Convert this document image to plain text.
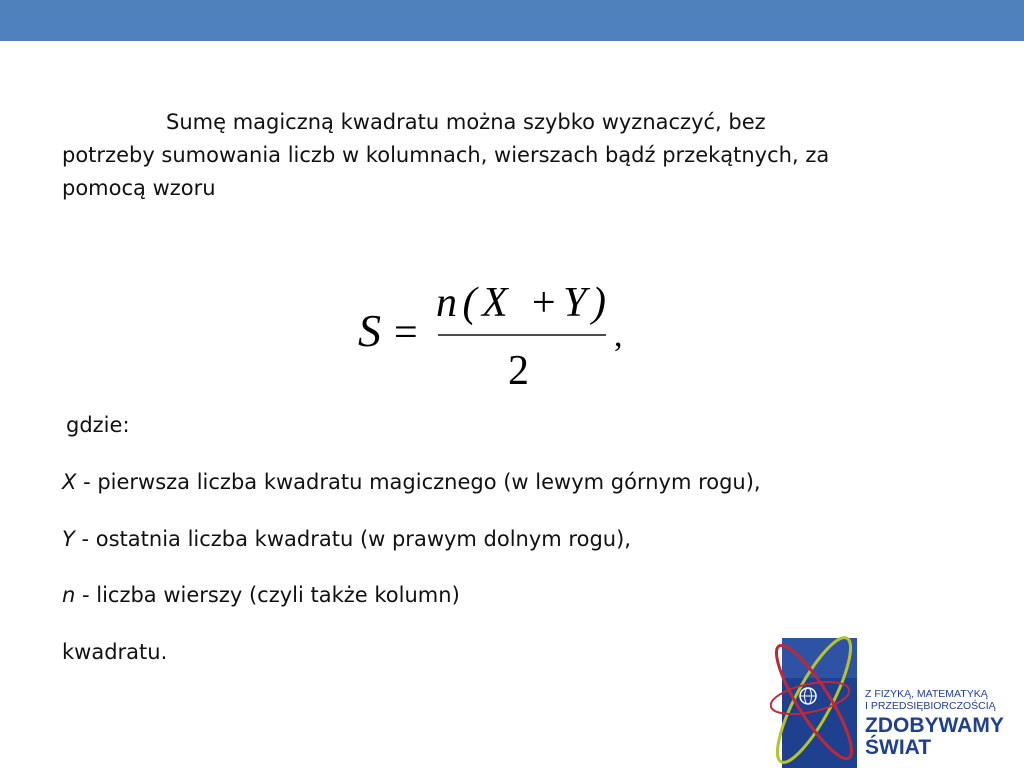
Sumę magiczną kwadratu można szybko wyznaczyć, bez
potrzeby sumowania liczb w kolumnach, wierszach bądź przekątnych, za
pomocą wzoru

S =
n(X +Y)
2
,

gdzie:

X - pierwsza liczba kwadratu magicznego (w lewym górnym rogu),

Y - ostatnia liczba kwadratu (w prawym dolnym rogu),

n - liczba wierszy (czyli także kolumn)

kwadratu.

Z FIZYKĄ, MATEMATYKĄ
I PRZEDSIĘBIORCZOŚCIĄ
ZDOBYWAMY
ŚWIAT
